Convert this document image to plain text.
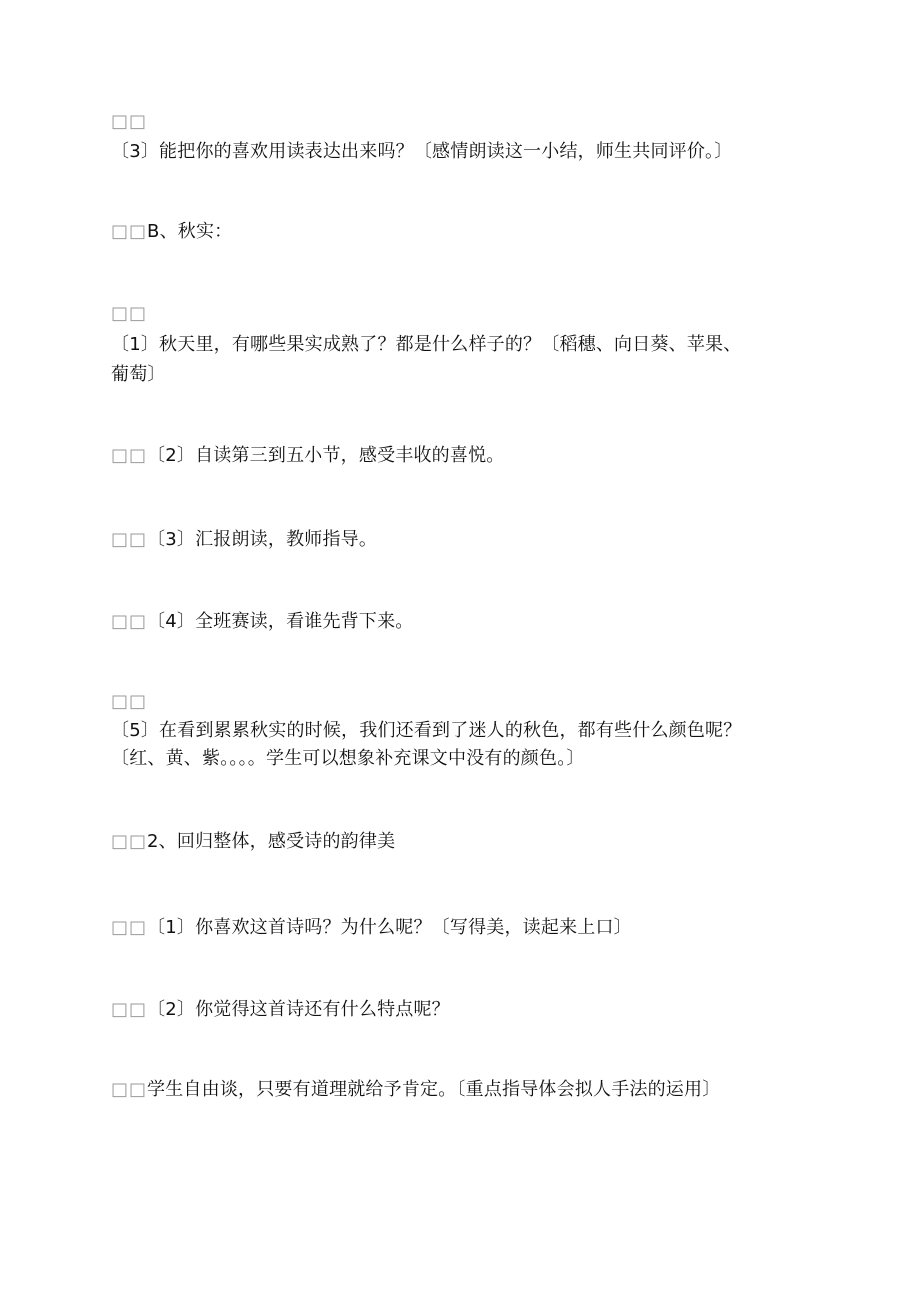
□□
〔3〕能把你的喜欢用读表达出来吗？〔感情朗读这一小结，师生共同评价。〕
□□B、秋实：
□□
〔1〕秋天里，有哪些果实成熟了？都是什么样子的？〔稻穗、向日葵、苹果、
葡萄〕
□□〔2〕自读第三到五小节，感受丰收的喜悦。
□□〔3〕汇报朗读，教师指导。
□□〔4〕全班赛读，看谁先背下来。
□□
〔5〕在看到累累秋实的时候，我们还看到了迷人的秋色，都有些什么颜色呢？
〔红、黄、紫。。。。学生可以想象补充课文中没有的颜色。〕
□□2、回归整体，感受诗的韵律美
□□〔1〕你喜欢这首诗吗？为什么呢？〔写得美，读起来上口〕
□□〔2〕你觉得这首诗还有什么特点呢？
□□学生自由谈，只要有道理就给予肯定。〔重点指导体会拟人手法的运用〕
